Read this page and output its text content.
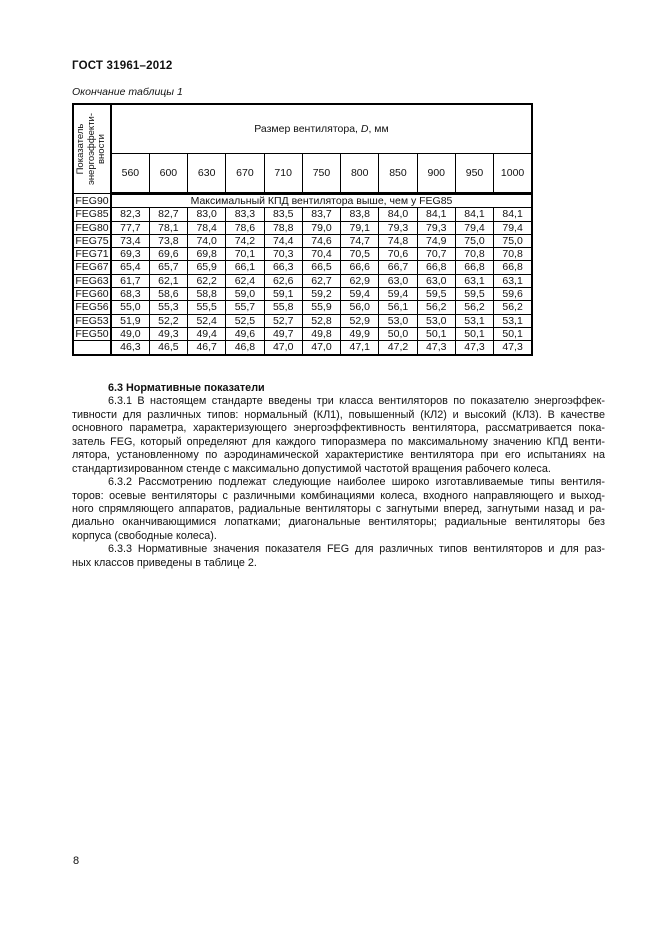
ГОСТ 31961–2012
Окончание таблицы 1
Показатель энергоэффекти-вности	Размер вентилятора, D, мм										
	560	600	630	670	710	750	800	850	900	950	1000
FEG90	Максимальный КПД вентилятора выше, чем у FEG85										
FEG85	82,3	82,7	83,0	83,3	83,5	83,7	83,8	84,0	84,1	84,1	84,1
FEG80	77,7	78,1	78,4	78,6	78,8	79,0	79,1	79,3	79,3	79,4	79,4
FEG75	73,4	73,8	74,0	74,2	74,4	74,6	74,7	74,8	74,9	75,0	75,0
FEG71	69,3	69,6	69,8	70,1	70,3	70,4	70,5	70,6	70,7	70,8	70,8
FEG67	65,4	65,7	65,9	66,1	66,3	66,5	66,6	66,7	66,8	66,8	66,8
FEG63	61,7	62,1	62,2	62,4	62,6	62,7	62,9	63,0	63,0	63,1	63,1
FEG60	68,3	58,6	58,8	59,0	59,1	59,2	59,4	59,4	59,5	59,5	59,6
FEG56	55,0	55,3	55,5	55,7	55,8	55,9	56,0	56,1	56,2	56,2	56,2
FEG53	51,9	52,2	52,4	52,5	52,7	52,8	52,9	53,0	53,0	53,1	53,1
FEG50	49,0	49,3	49,4	49,6	49,7	49,8	49,9	50,0	50,1	50,1	50,1
	46,3	46,5	46,7	46,8	47,0	47,0	47,1	47,2	47,3	47,3	47,3
6.3 Нормативные показатели
6.3.1 В настоящем стандарте введены три класса вентиляторов по показателю энергоэффек-
тивности для различных типов: нормальный (КЛ1), повышенный (КЛ2) и высокий (КЛ3). В качестве
основного параметра, характеризующего энергоэффективность вентилятора, рассматривается пока-
затель FEG, который определяют для каждого типоразмера по максимальному значению КПД венти-
лятора, установленному по аэродинамической характеристике вентилятора при его испытаниях на
стандартизированном стенде с максимально допустимой частотой вращения рабочего колеса.
6.3.2 Рассмотрению подлежат следующие наиболее широко изготавливаемые типы вентиля-
торов: осевые вентиляторы с различными комбинациями колеса, входного направляющего и выход-
ного спрямляющего аппаратов, радиальные вентиляторы с загнутыми вперед, загнутыми назад и ра-
диально оканчивающимися лопатками; диагональные вентиляторы; радиальные вентиляторы без
корпуса (свободные колеса).
6.3.3 Нормативные значения показателя FEG для различных типов вентиляторов и для раз-
ных классов приведены в таблице 2.
8
